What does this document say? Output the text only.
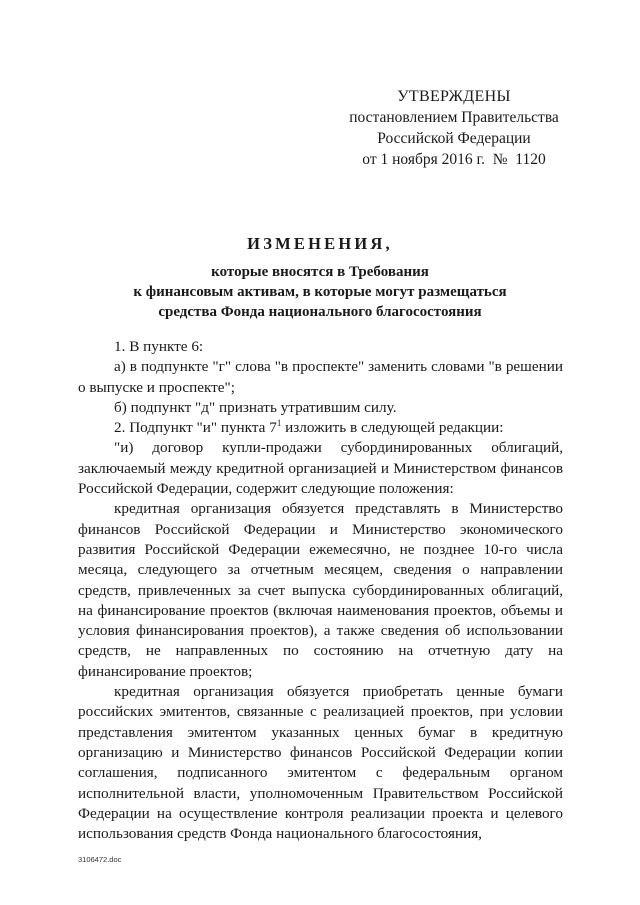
УТВЕРЖДЕНЫ
постановлением Правительства
Российской Федерации
от 1 ноября 2016 г.  №  1120
ИЗМЕНЕНИЯ,
которые вносятся в Требования
к финансовым активам, в которые могут размещаться
средства Фонда национального благосостояния

1. В пункте 6:

а) в подпункте "г" слова "в проспекте" заменить словами "в решении о выпуске и проспекте";

б) подпункт "д" признать утратившим силу.

2. Подпункт "и" пункта $7^1$ изложить в следующей редакции:

"и) договор купли-продажи субординированных облигаций, заключаемый между кредитной организацией и Министерством финансов Российской Федерации, содержит следующие положения:

кредитная организация обязуется представлять в Министерство финансов Российской Федерации и Министерство экономического развития Российской Федерации ежемесячно, не позднее 10-го числа месяца, следующего за отчетным месяцем, сведения о направлении средств, привлеченных за счет выпуска субординированных облигаций, на финансирование проектов (включая наименования проектов, объемы и условия финансирования проектов), а также сведения об использовании средств, не направленных по состоянию на отчетную дату на финансирование проектов;

кредитная организация обязуется приобретать ценные бумаги российских эмитентов, связанные с реализацией проектов, при условии представления эмитентом указанных ценных бумаг в кредитную организацию и Министерство финансов Российской Федерации копии соглашения, подписанного эмитентом с федеральным органом исполнительной власти, уполномоченным Правительством Российской Федерации на осуществление контроля реализации проекта и целевого использования средств Фонда национального благосостояния,

3106472.doc
